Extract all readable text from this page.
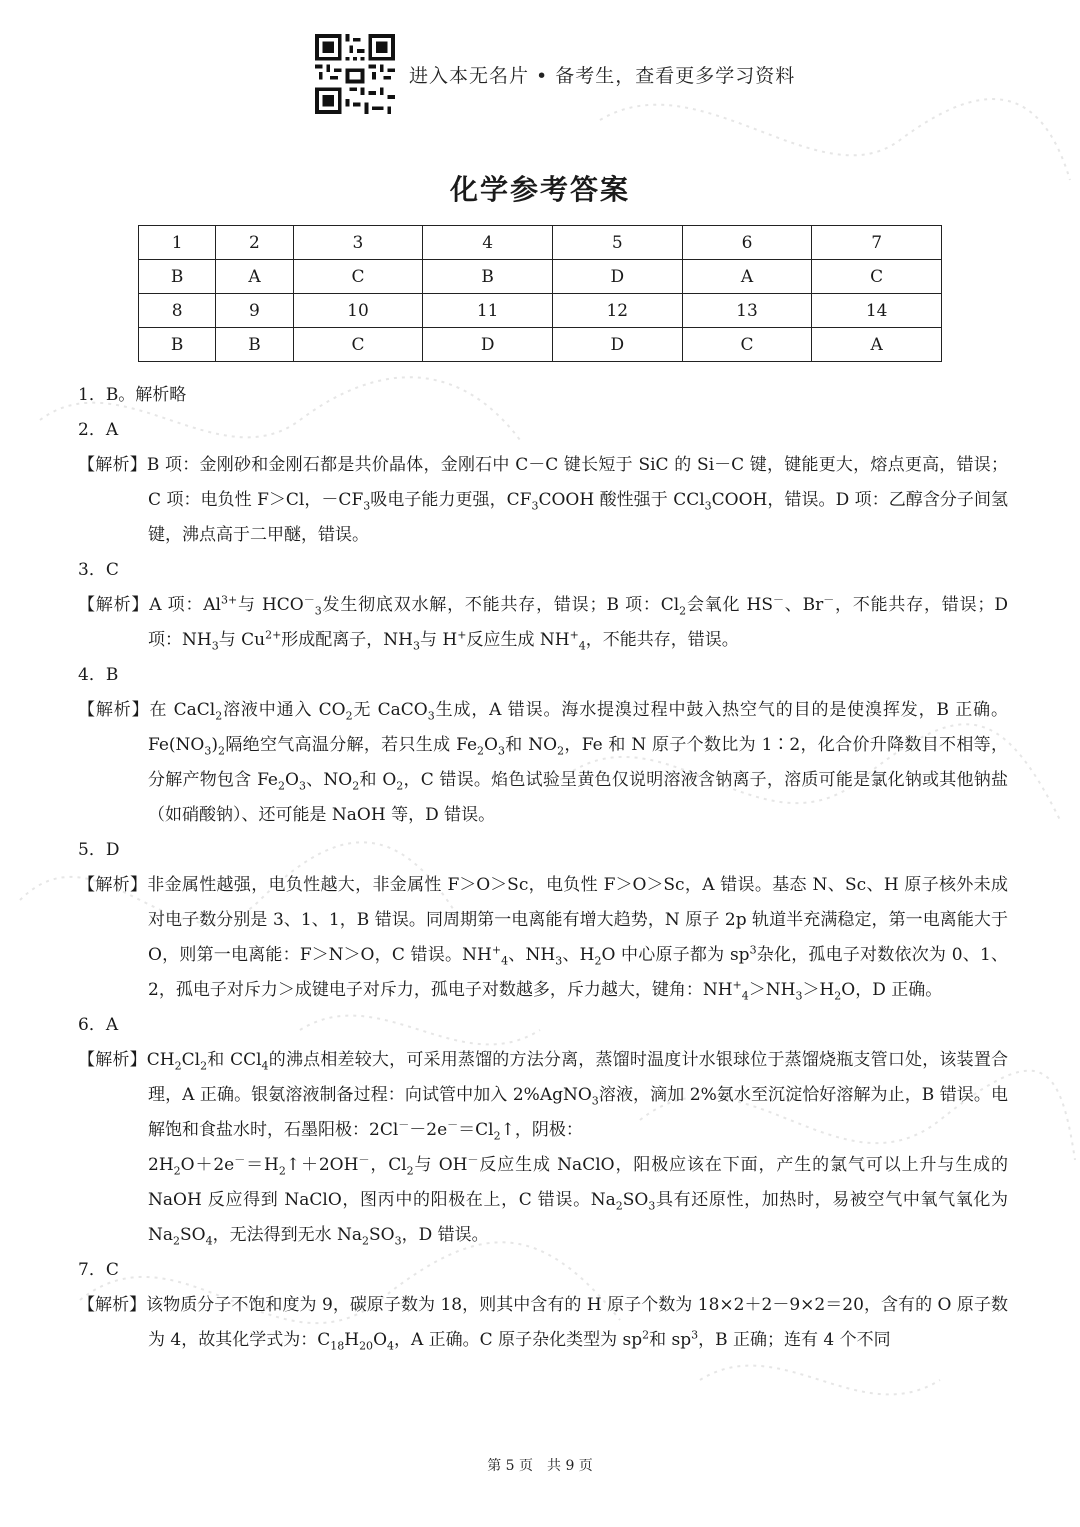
进入本无名片 • 备考生，查看更多学习资料
化学参考答案
1	2	3	4	5	6	7
B	A	C	B	D	A	C
8	9	10	11	12	13	14
B	B	C	D	D	C	A
1．B。解析略
2．A
【解析】B 项：金刚砂和金刚石都是共价晶体，金刚石中 C－C 键长短于 SiC 的 Si－C 键，键能更大，熔点更高，错误；C 项：电负性 F＞Cl，$-CF_3$吸电子能力更强，$CF_3COOH$ 酸性强于 CCl$_3$COOH，错误。D 项：乙醇含分子间氢键，沸点高于二甲醚，错误。
3．C
【解析】A 项：$Al^{3+}$与 $HCO^-_3$发生彻底双水解，不能共存，错误；B 项：$Cl_2$会氧化 HS－、Br－，不能共存，错误；D 项：$NH_3$与 $Cu^{2+}$形成配离子，$NH_3$与 H+反应生成 $NH^+_4$，不能共存，错误。
4．B
【解析】在 CaCl$_2$溶液中通入 $CO_2$无 CaCO$_3$生成，A 错误。海水提溴过程中鼓入热空气的目的是使溴挥发，B 正确。$Fe(NO_3)_2$隔绝空气高温分解，若只生成 $Fe_2O_3$和 $NO_2$，Fe 和 N 原子个数比为 1∶2，化合价升降数目不相等，分解产物包含 $Fe_2O_3$、$NO_2$和 $O_2$，C 错误。焰色试验呈黄色仅说明溶液含钠离子，溶质可能是氯化钠或其他钠盐（如硝酸钠）、还可能是 NaOH 等，D 错误。
5．D
【解析】非金属性越强，电负性越大，非金属性 F＞O＞Sc，电负性 F＞O＞Sc，A 错误。基态 N、Sc、H 原子核外未成对电子数分别是 3、1、1，B 错误。同周期第一电离能有增大趋势，N 原子 2p 轨道半充满稳定，第一电离能大于 O，则第一电离能：F＞N＞O，C 错误。$NH^+_4$、$NH_3$、$H_2O$ 中心原子都为 $sp^3$杂化，孤电子对数依次为 0、1、2，孤电子对斥力＞成键电子对斥力，孤电子对数越多，斥力越大，键角：$NH^+_4>NH_3>H_2O$，D 正确。
6．A
【解析】$CH_2Cl_2$和 CCl$_4$的沸点相差较大，可采用蒸馏的方法分离，蒸馏时温度计水银球位于蒸馏烧瓶支管口处，该装置合理，A 正确。银氨溶液制备过程：向试管中加入 2%AgNO$_3$溶液，滴加 2%氨水至沉淀恰好溶解为止，B 错误。电解饱和食盐水时，石墨阳极：$2Cl^--2e^-=Cl_2↑$，阴极：
$2H_2O+2e^-=H_2↑+2OH^-$，$Cl_2$与 OH－反应生成 NaClO，阳极应该在下面，产生的氯气可以上升与生成的 NaOH 反应得到 NaClO，图丙中的阳极在上，C 错误。$Na_2SO_3$具有还原性，加热时，易被空气中氧气氧化为 $Na_2SO_4$，无法得到无水 $Na_2SO_3$，D 错误。
7．C
【解析】该物质分子不饱和度为 9，碳原子数为 18，则其中含有的 H 原子个数为 18×2＋2－9×2＝20，含有的 O 原子数为 4，故其化学式为：$C_{18}H_{20}O_4$，A 正确。C 原子杂化类型为 $sp^2$和 $sp^3$，B 正确；连有 4 个不同
第 5 页　共 9 页
